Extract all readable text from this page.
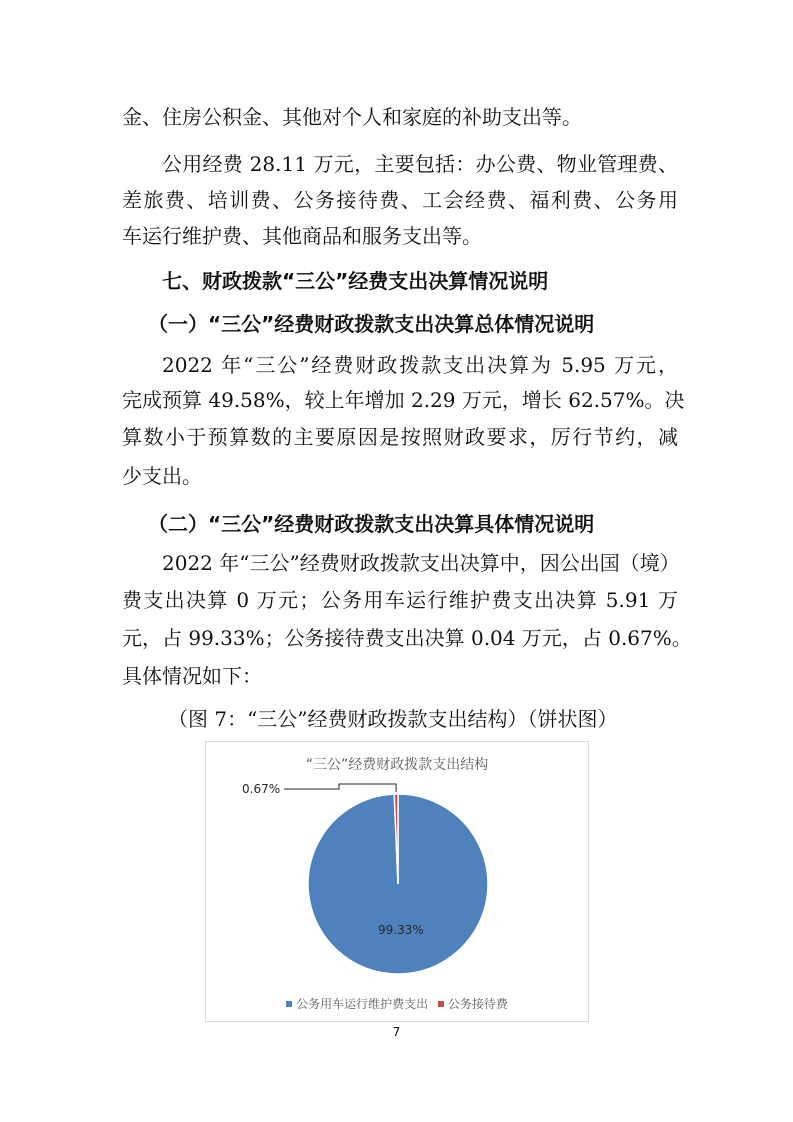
金、住房公积金、其他对个人和家庭的补助支出等。

公用经费 28.11 万元，主要包括：办公费、物业管理费、

差旅费、培训费、公务接待费、工会经费、福利费、公务用

车运行维护费、其他商品和服务支出等。

七、财政拨款“三公”经费支出决算情况说明

（一）“三公”经费财政拨款支出决算总体情况说明

2022 年“三公”经费财政拨款支出决算为 5.95 万元，

完成预算 49.58%，较上年增加 2.29 万元，增长 62.57%。决

算数小于预算数的主要原因是按照财政要求，厉行节约，减

少支出。

（二）“三公”经费财政拨款支出决算具体情况说明

2022 年“三公”经费财政拨款支出决算中，因公出国（境）

费支出决算 0 万元；公务用车运行维护费支出决算 5.91 万

元，占 99.33%；公务接待费支出决算 0.04 万元，占 0.67%。

具体情况如下：

（图 7：“三公”经费财政拨款支出结构）（饼状图）

“三公”经费财政拨款支出结构
0.67%
99.33%
公务用车运行维护费支出 公务接待费
7
